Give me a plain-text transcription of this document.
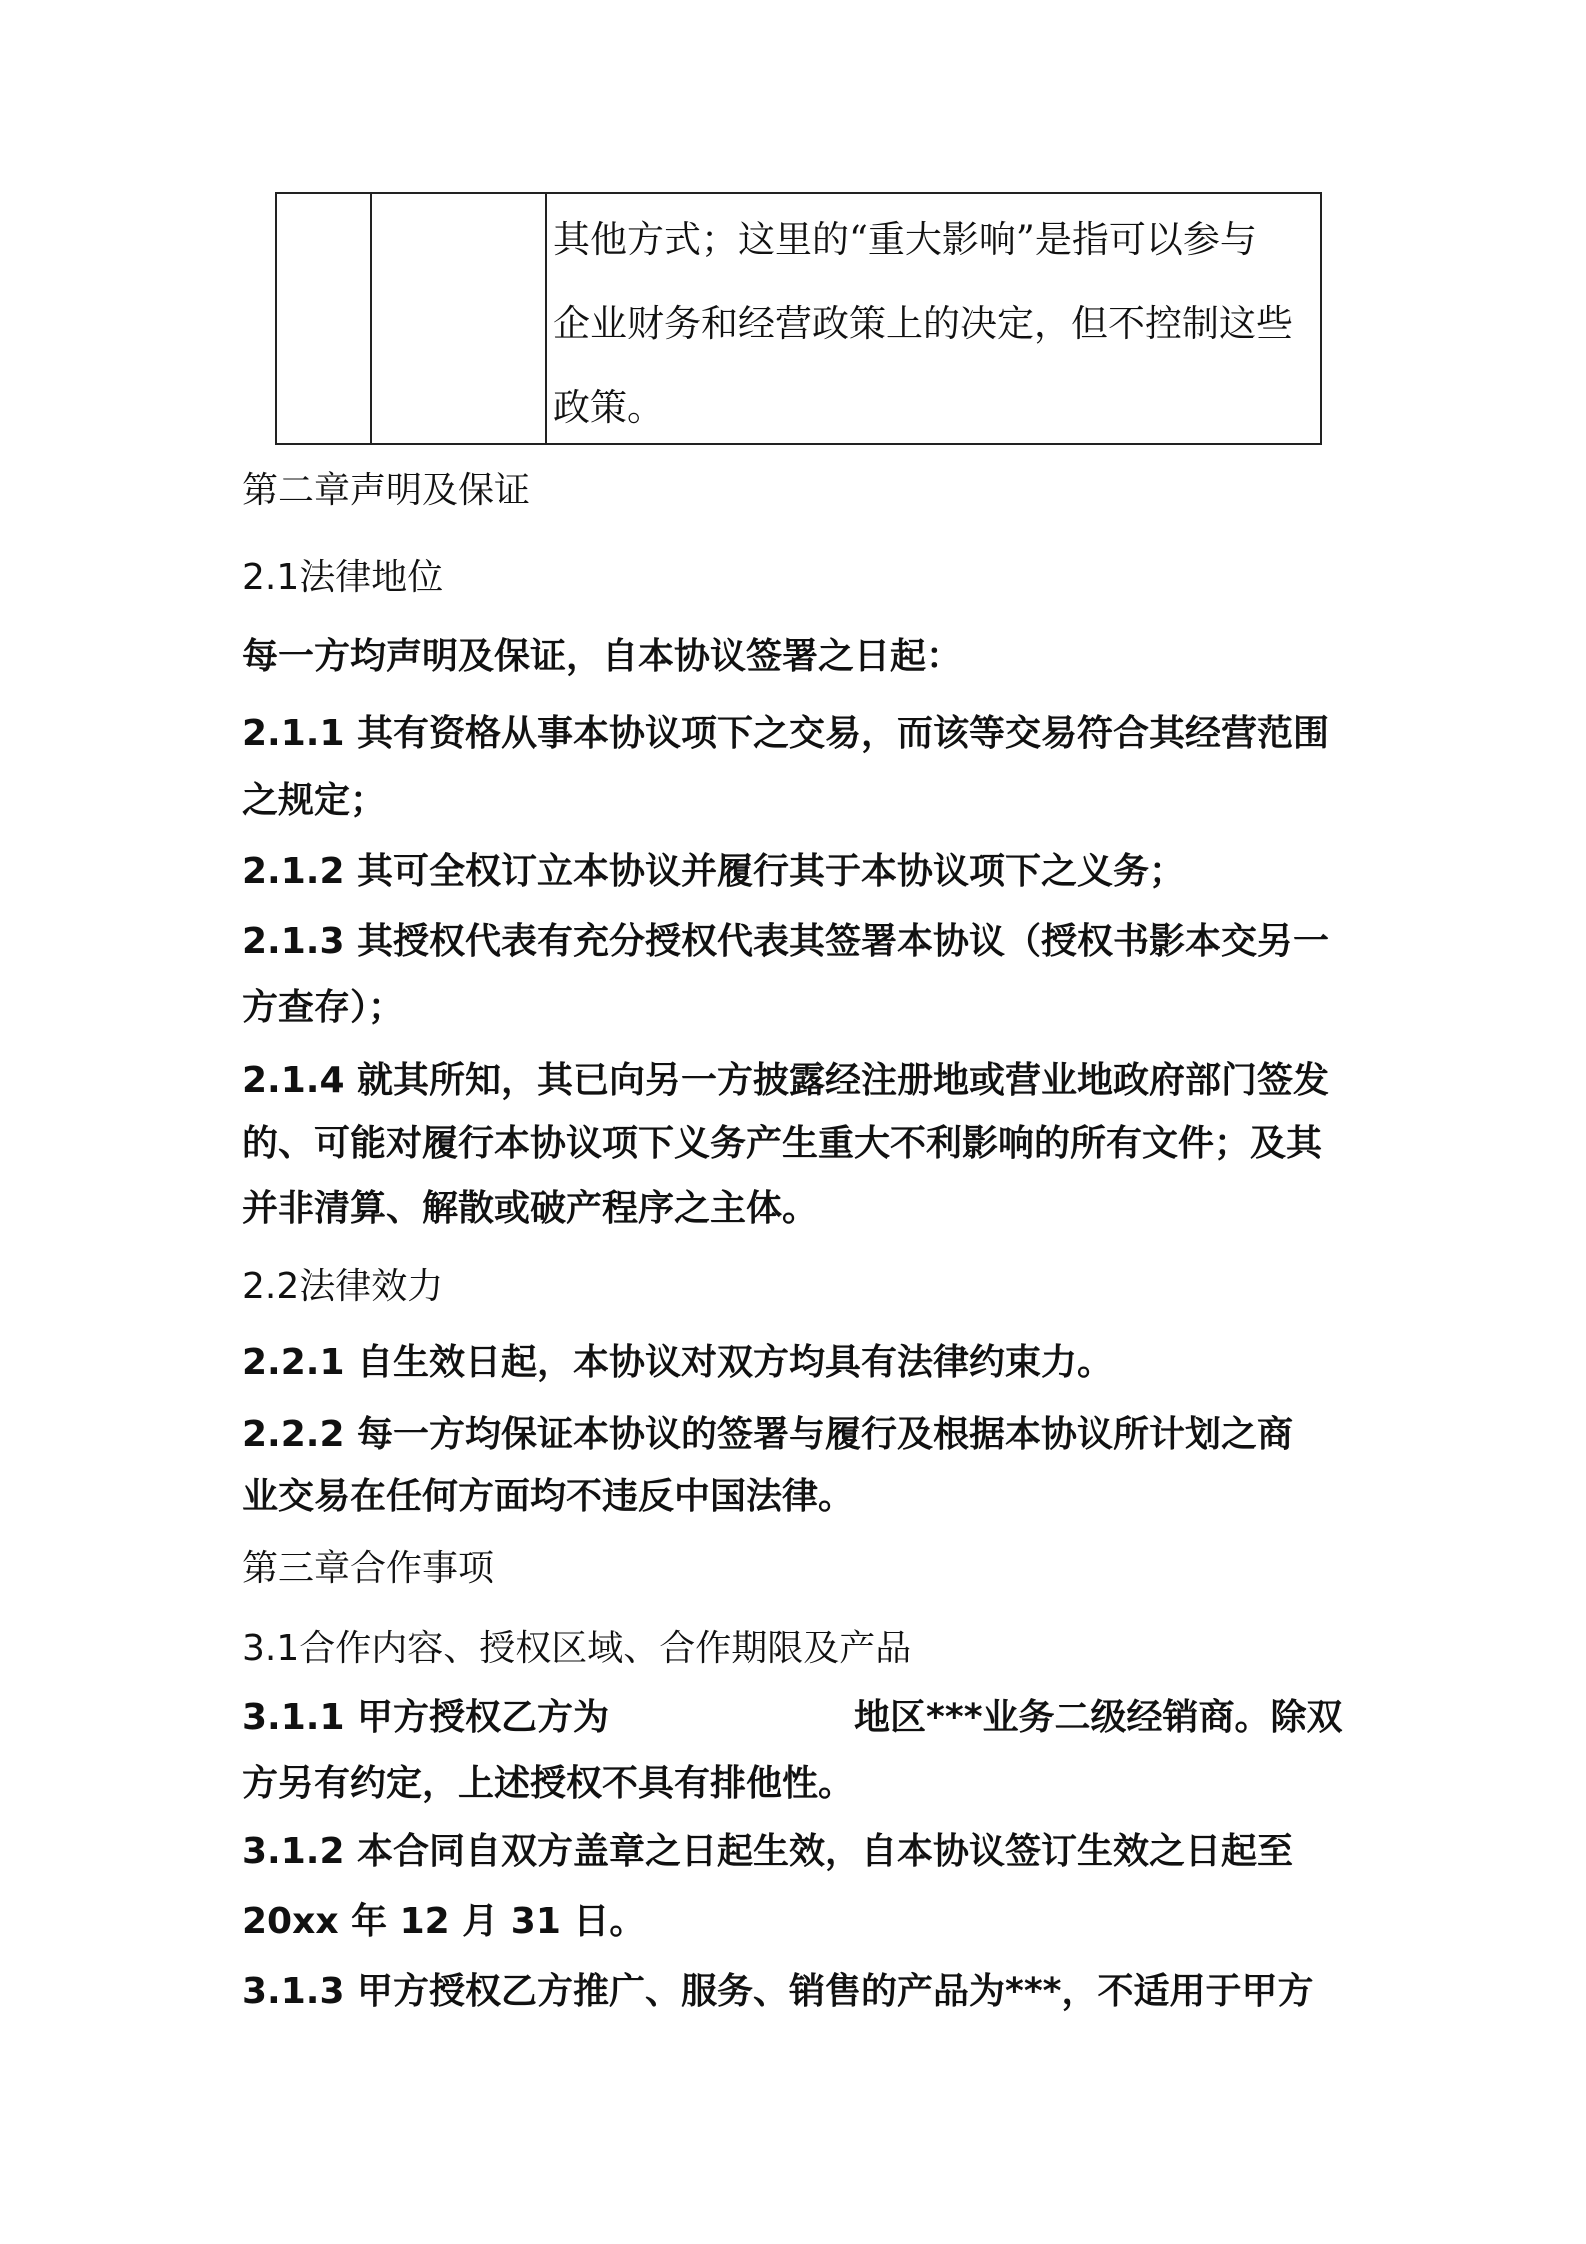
其他方式；这里的“重大影响”是指可以参与
企业财务和经营政策上的决定，但不控制这些
政策。
第二章声明及保证
2.1法律地位
每一方均声明及保证，自本协议签署之日起：
2.1.1 其有资格从事本协议项下之交易，而该等交易符合其经营范围
之规定；
2.1.2 其可全权订立本协议并履行其于本协议项下之义务；
2.1.3 其授权代表有充分授权代表其签署本协议（授权书影本交另一
方查存）；
2.1.4 就其所知，其已向另一方披露经注册地或营业地政府部门签发
的、可能对履行本协议项下义务产生重大不利影响的所有文件；及其
并非清算、解散或破产程序之主体。
2.2法律效力
2.2.1 自生效日起，本协议对双方均具有法律约束力。
2.2.2 每一方均保证本协议的签署与履行及根据本协议所计划之商
业交易在任何方面均不违反中国法律。
第三章合作事项
3.1合作内容、授权区域、合作期限及产品
3.1.1 甲方授权乙方为	地区***业务二级经销商。除双
方另有约定，上述授权不具有排他性。
3.1.2 本合同自双方盖章之日起生效，自本协议签订生效之日起至
20xx 年 12 月 31 日。
3.1.3 甲方授权乙方推广、服务、销售的产品为***，不适用于甲方
